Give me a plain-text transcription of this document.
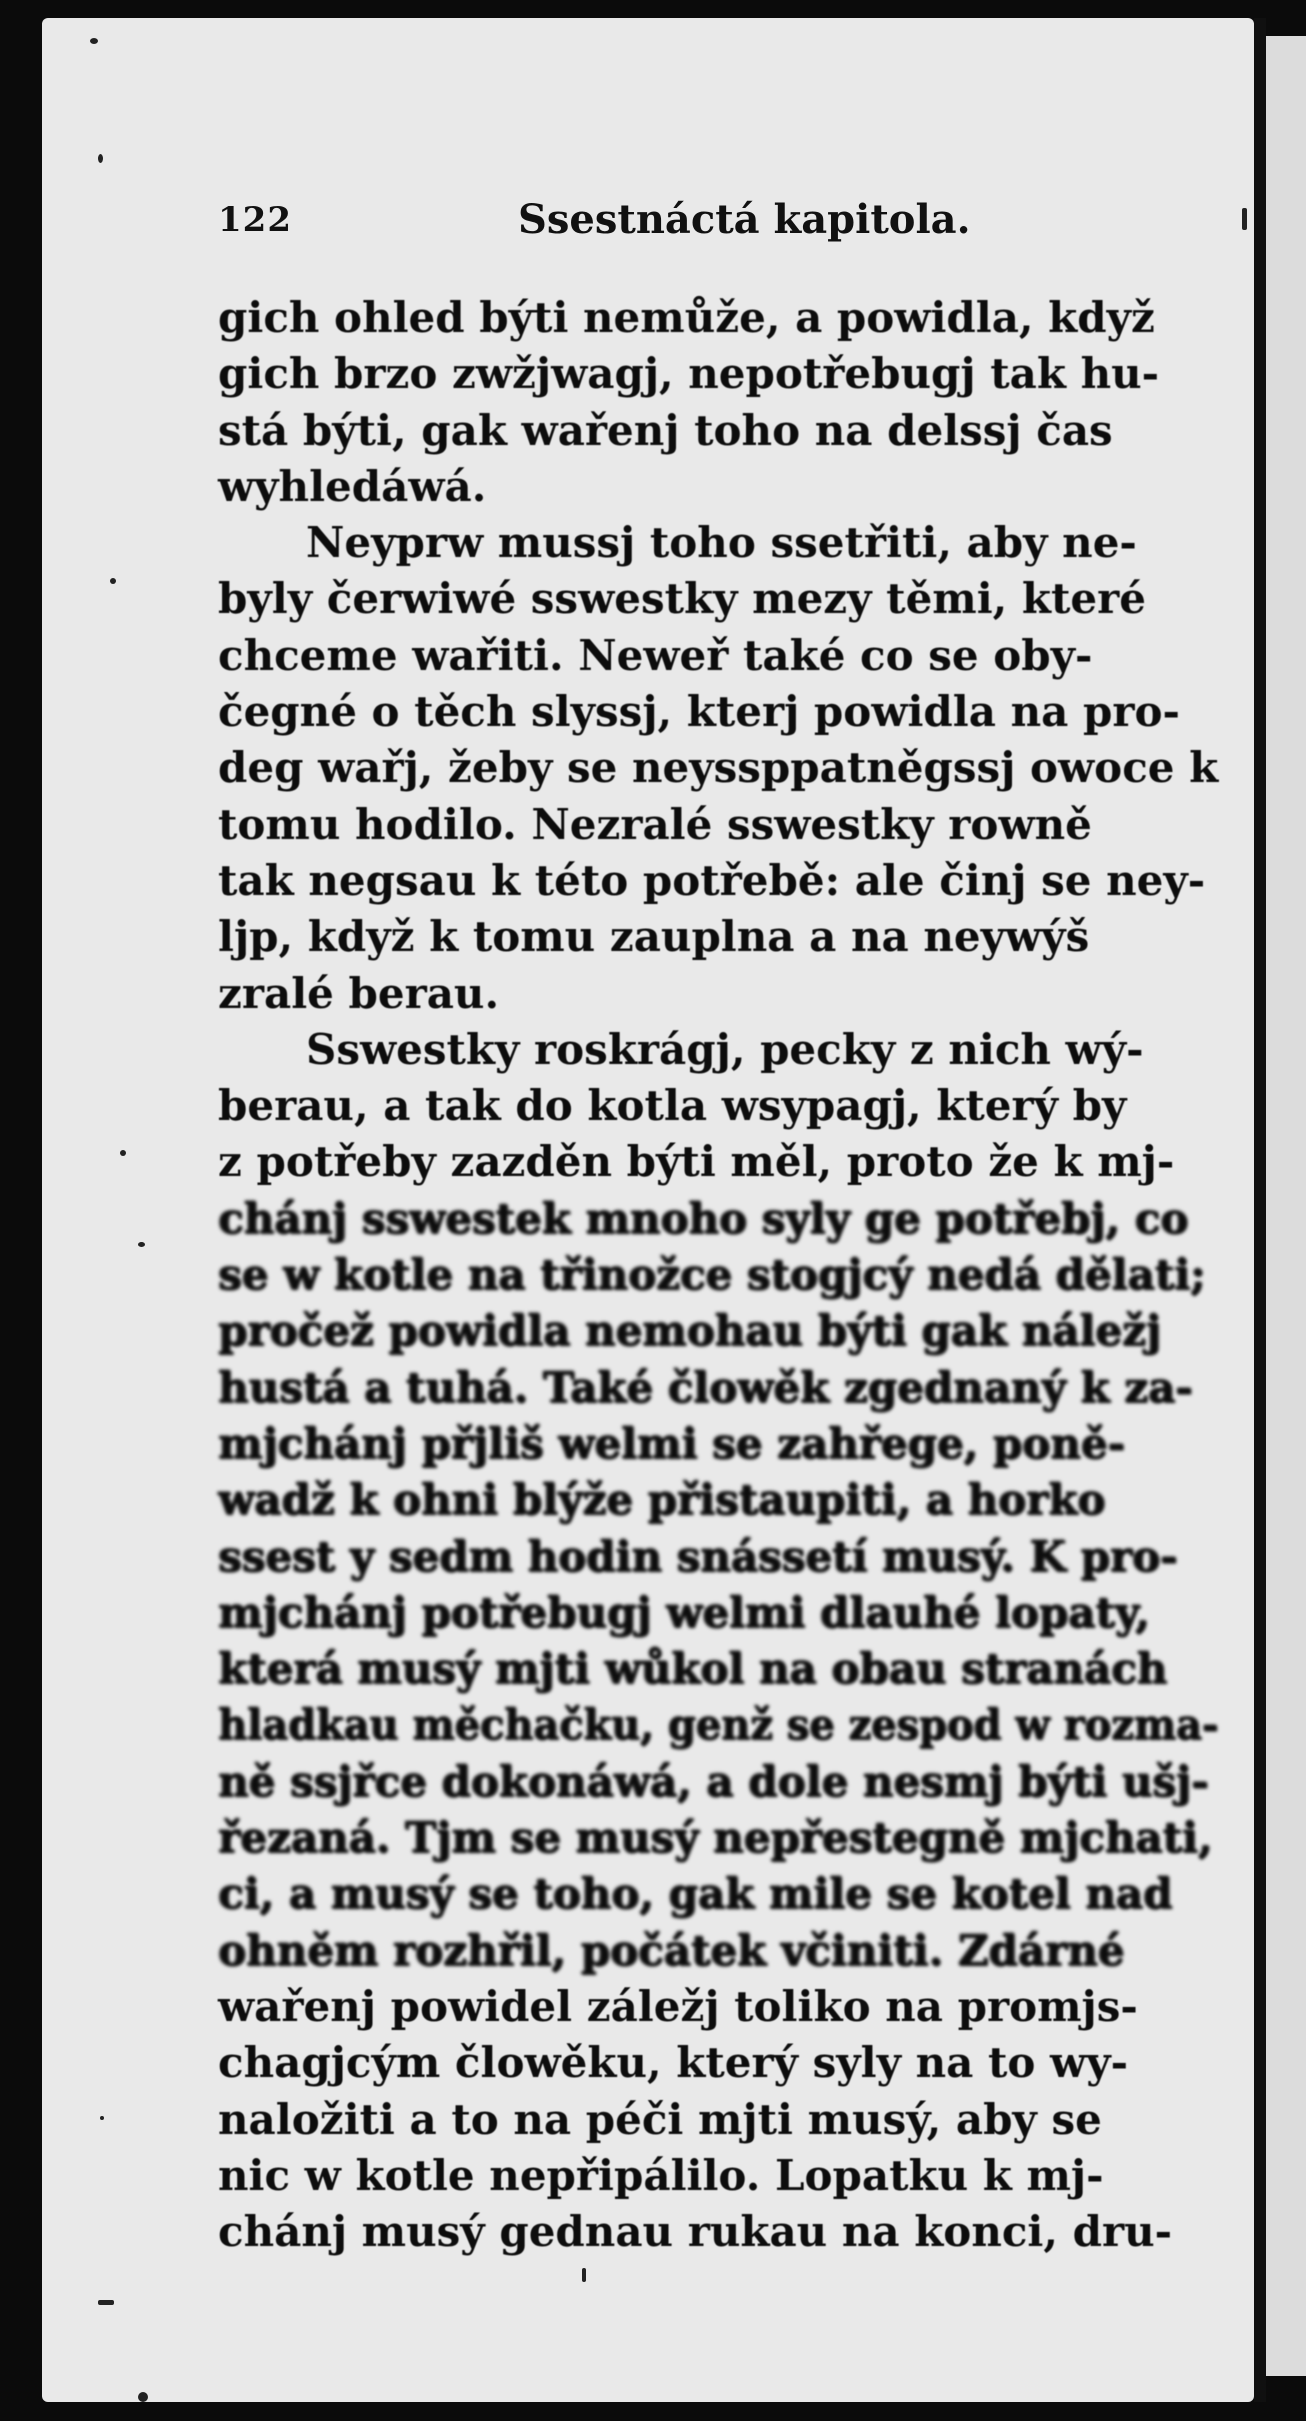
122	Ssestnáctá kapitola.
gich ohled býti nemůže, a powidla, když
gich brzo zwžjwagj, nepotřebugj tak hu-
stá býti, gak wařenj toho na delssj čas
wyhledáwá.
Neyprw mussj toho ssetřiti, aby ne-
byly čerwiwé sswestky mezy těmi, které
chceme wařiti. Neweř také co se oby-
čegné o těch slyssj, kterj powidla na pro-
deg wařj, žeby se neyssppatněgssj owoce k
tomu hodilo. Nezralé sswestky rowně
tak negsau k této potřebě: ale činj se ney-
ljp, když k tomu zauplna a na neywýš
zralé berau.
Sswestky roskrágj, pecky z nich wý-
berau, a tak do kotla wsypagj, který by
z potřeby zazděn býti měl, proto že k mj-
chánj sswestek mnoho syly ge potřebj, co
se w kotle na třinožce stogjcý nedá dělati;
pročež powidla nemohau býti gak náležj
hustá a tuhá. Také člowěk zgednaný k za-
mjchánj přjliš welmi se zahřege, poně-
wadž k ohni blýže přistaupiti, a horko
ssest y sedm hodin snássetí musý. K pro-
mjchánj potřebugj welmi dlauhé lopaty,
která musý mjti wůkol na obau stranách
hladkau měchačku, genž se zespod w rozma-
ně ssjřce dokonáwá, a dole nesmj býti ušj-
řezaná. Tjm se musý nepřestegně mjchati,
ci, a musý se toho, gak mile se kotel nad
ohněm rozhřil, počátek včiniti. Zdárné
wařenj powidel záležj toliko na promjs-
chagjcým člowěku, který syly na to wy-
naložiti a to na péči mjti musý, aby se
nic w kotle nepřipálilo. Lopatku k mj-
chánj musý gednau rukau na konci, dru-
